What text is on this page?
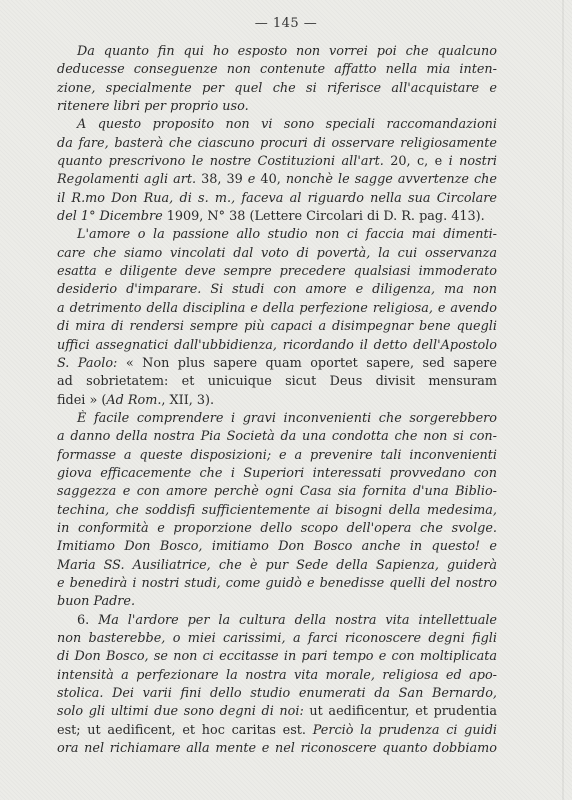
— 145 —
Da quanto fin qui ho esposto non vorrei poi che qualcuno
deducesse conseguenze non contenute affatto nella mia inten-
zione, specialmente per quel che si riferisce all'acquistare e
ritenere libri per proprio uso.
A questo proposito non vi sono speciali raccomandazioni
da fare, basterà che ciascuno procuri di osservare religiosamente
quanto prescrivono le nostre Costituzioni all'art. 20, c, e i nostri
Regolamenti agli art. 38, 39 e 40, nonchè le sagge avvertenze che
il R.mo Don Rua, di s. m., faceva al riguardo nella sua Circolare
del 1° Dicembre 1909, N° 38 (Lettere Circolari di D. R. pag. 413).
L'amore o la passione allo studio non ci faccia mai dimenti-
care che siamo vincolati dal voto di povertà, la cui osservanza
esatta e diligente deve sempre precedere qualsiasi immoderato
desiderio d'imparare. Si studi con amore e diligenza, ma non
a detrimento della disciplina e della perfezione religiosa, e avendo
di mira di rendersi sempre più capaci a disimpegnar bene quegli
uffici assegnatici dall'ubbidienza, ricordando il detto dell'Apostolo
S. Paolo: « Non plus sapere quam oportet sapere, sed sapere
ad sobrietatem: et unicuique sicut Deus divisit mensuram
fidei » (Ad Rom., XII, 3).
È facile comprendere i gravi inconvenienti che sorgerebbero
a danno della nostra Pia Società da una condotta che non si con-
formasse a queste disposizioni; e a prevenire tali inconvenienti
giova efficacemente che i Superiori interessati provvedano con
saggezza e con amore perchè ogni Casa sia fornita d'una Biblio-
techina, che soddisfi sufficientemente ai bisogni della medesima,
in conformità e proporzione dello scopo dell'opera che svolge.
Imitiamo Don Bosco, imitiamo Don Bosco anche in questo! e
Maria SS. Ausiliatrice, che è pur Sede della Sapienza, guiderà
e benedirà i nostri studi, come guidò e benedisse quelli del nostro
buon Padre.
6. Ma l'ardore per la cultura della nostra vita intellettuale
non basterebbe, o miei carissimi, a farci riconoscere degni figli
di Don Bosco, se non ci eccitasse in pari tempo e con moltiplicata
intensità a perfezionare la nostra vita morale, religiosa ed apo-
stolica. Dei varii fini dello studio enumerati da San Bernardo,
solo gli ultimi due sono degni di noi: ut aedificentur, et prudentia
est; ut aedificent, et hoc caritas est. Perciò la prudenza ci guidi
ora nel richiamare alla mente e nel riconoscere quanto dobbiamo
